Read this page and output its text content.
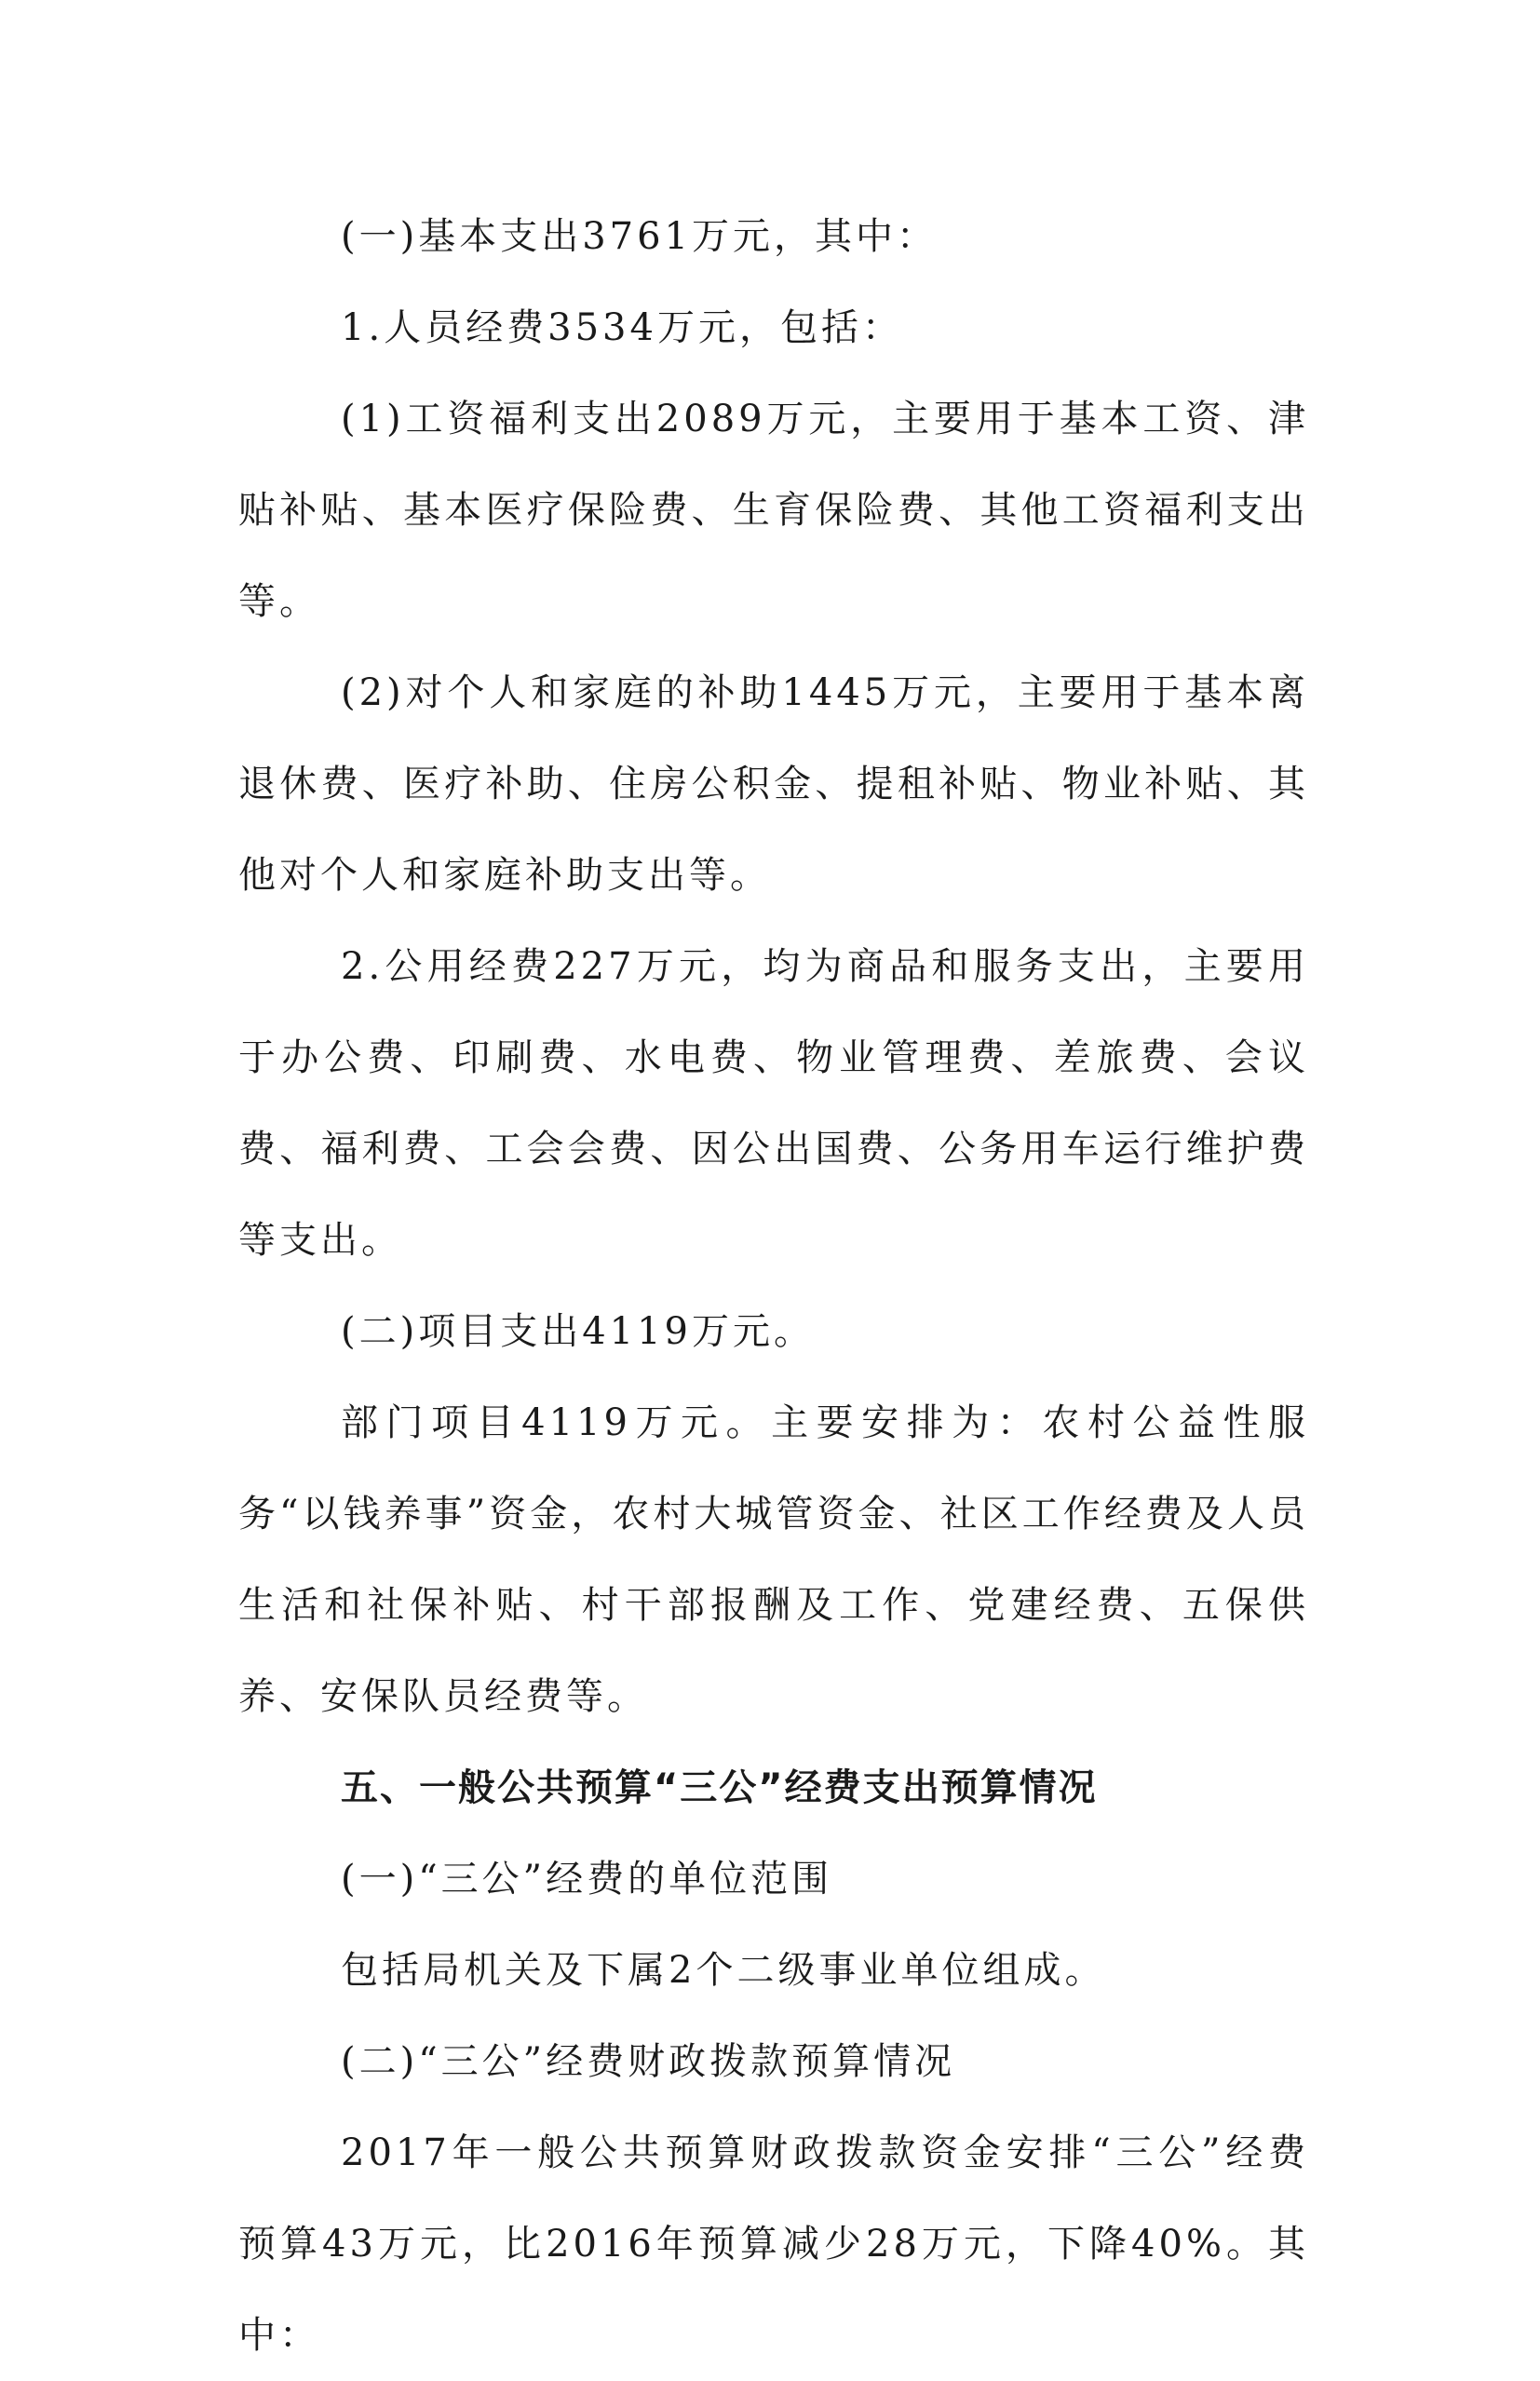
(一)基本支出3761万元，其中：

1.人员经费3534万元，包括：

(1)工资福利支出2089万元，主要用于基本工资、津贴补贴、基本医疗保险费、生育保险费、其他工资福利支出等。

(2)对个人和家庭的补助1445万元，主要用于基本离退休费、医疗补助、住房公积金、提租补贴、物业补贴、其他对个人和家庭补助支出等。

2.公用经费227万元，均为商品和服务支出，主要用于办公费、印刷费、水电费、物业管理费、差旅费、会议费、福利费、工会会费、因公出国费、公务用车运行维护费等支出。

(二)项目支出4119万元。

部门项目4119万元。主要安排为：农村公益性服务“以钱养事”资金，农村大城管资金、社区工作经费及人员生活和社保补贴、村干部报酬及工作、党建经费、五保供养、安保队员经费等。

五、一般公共预算“三公”经费支出预算情况

(一)“三公”经费的单位范围

包括局机关及下属2个二级事业单位组成。

(二)“三公”经费财政拨款预算情况

2017年一般公共预算财政拨款资金安排“三公”经费预算43万元，比2016年预算减少28万元，下降40%。其中：
